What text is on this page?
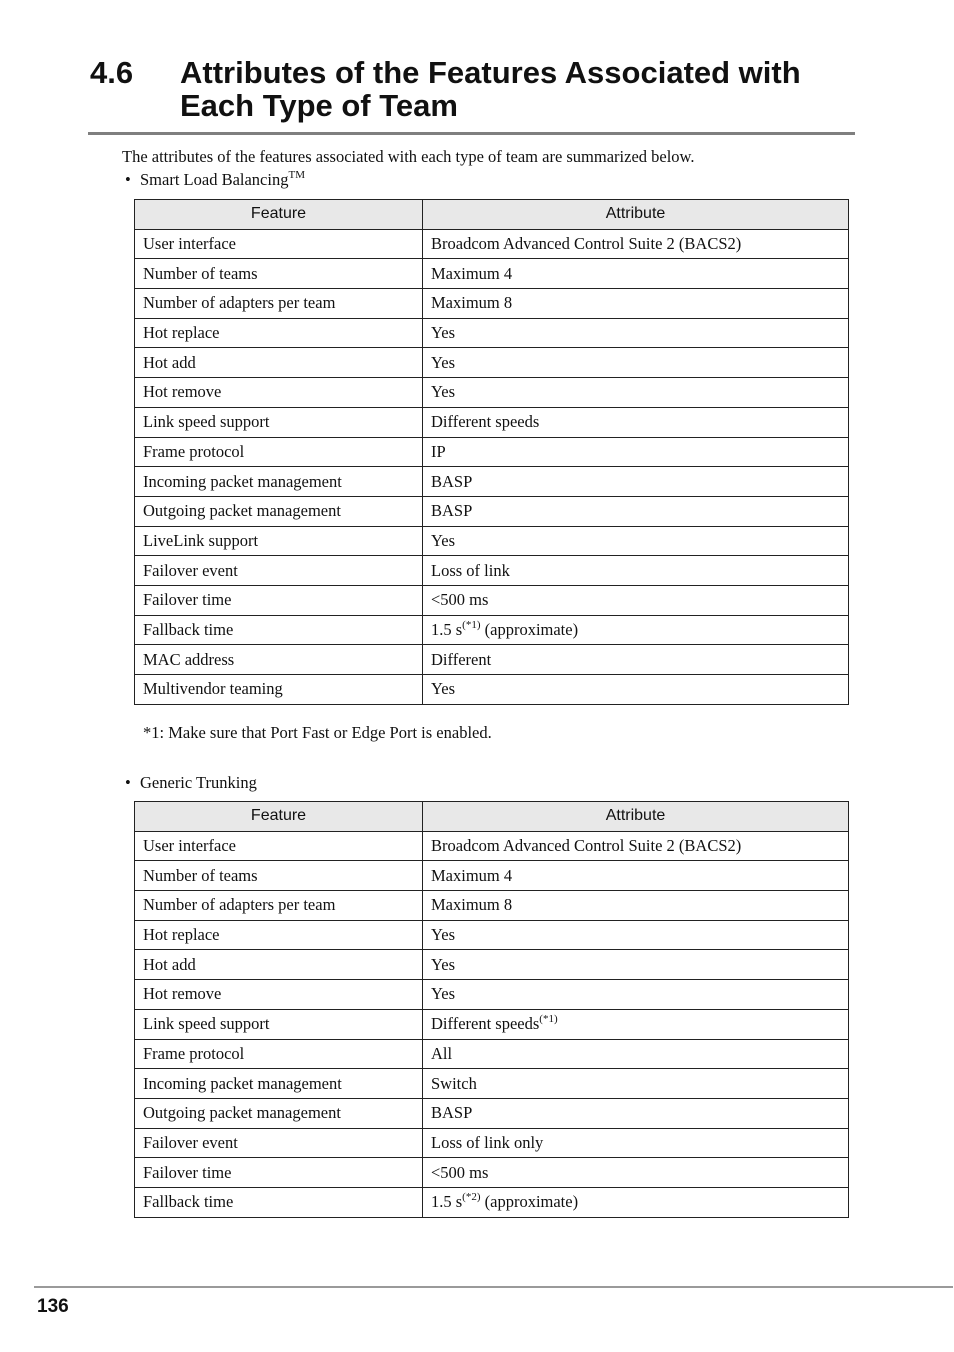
4.6 Attributes of the Features Associated with Each Type of Team

The attributes of the features associated with each type of team are summarized below.

• Smart Load Balancing™
Feature	Attribute
User interface	Broadcom Advanced Control Suite 2 (BACS2)
Number of teams	Maximum 4
Number of adapters per team	Maximum 8
Hot replace	Yes
Hot add	Yes
Hot remove	Yes
Link speed support	Different speeds
Frame protocol	IP
Incoming packet management	BASP
Outgoing packet management	BASP
LiveLink support	Yes
Failover event	Loss of link
Failover time	<500 ms
Fallback time	1.5 $s^{(*1)}$ (approximate)
MAC address	Different
Multivendor teaming	Yes
*1: Make sure that Port Fast or Edge Port is enabled.
• Generic Trunking
Feature	Attribute
User interface	Broadcom Advanced Control Suite 2 (BACS2)
Number of teams	Maximum 4
Number of adapters per team	Maximum 8
Hot replace	Yes
Hot add	Yes
Hot remove	Yes
Link speed support	Different speeds$^{(*1)}$
Frame protocol	All
Incoming packet management	Switch
Outgoing packet management	BASP
Failover event	Loss of link only
Failover time	<500 ms
Fallback time	1.5 $s^{(*2)}$ (approximate)
136
